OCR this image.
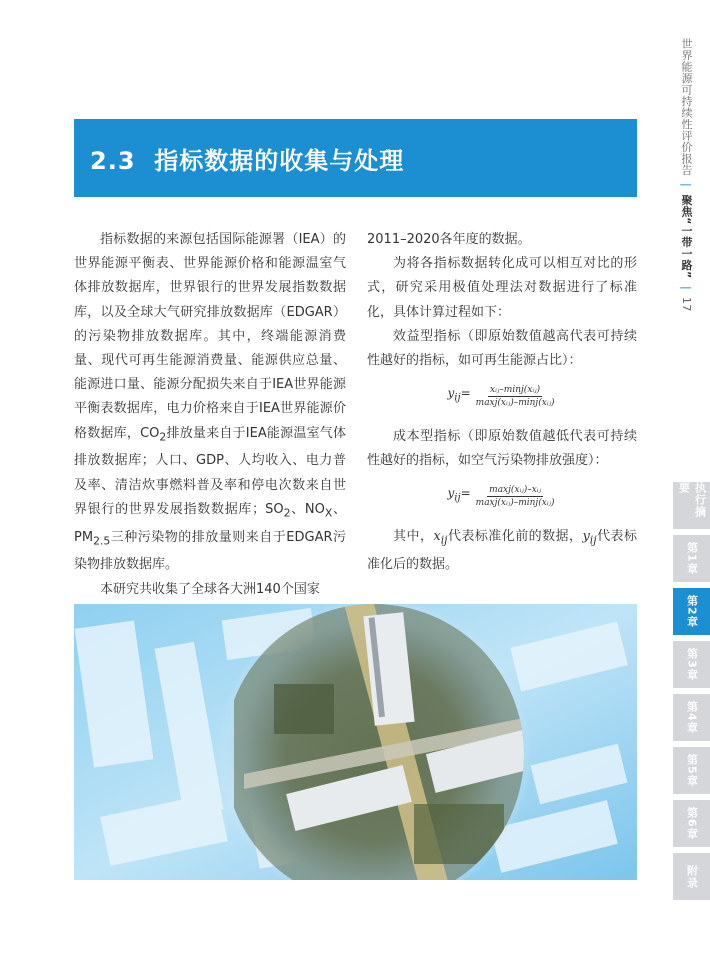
世界能源可持续性评价报告 | 聚焦“一带一路” | 17
2.3 指标数据的收集与处理

指标数据的来源包括国际能源署（IEA）的世界能源平衡表、世界能源价格和能源温室气体排放数据库，世界银行的世界发展指数数据库，以及全球大气研究排放数据库（EDGAR）的污染物排放数据库。其中，终端能源消费量、现代可再生能源消费量、能源供应总量、能源进口量、能源分配损失来自于IEA世界能源平衡表数据库，电力价格来自于IEA世界能源价格数据库，$CO_2$排放量来自于IEA能源温室气体排放数据库；人口、GDP、人均收入、电力普及率、清洁炊事燃料普及率和停电次数来自世界银行的世界发展指数数据库；$SO_2$、$NO_X$、$PM_{2.5}$三种污染物的排放量则来自于EDGAR污染物排放数据库。

本研究共收集了全球各大洲140个国家

2011–2020各年度的数据。

为将各指标数据转化成可以相互对比的形式，研究采用极值处理法对数据进行了标准化，具体计算过程如下：

效益型指标（即原始数值越高代表可持续性越好的指标，如可再生能源占比）：

$y_{ij}= \frac{\text{xᵢⱼ–minj(xᵢⱼ)}}{\text{maxj(xᵢⱼ)–minj(xᵢⱼ)}}$

成本型指标（即原始数值越低代表可持续性越好的指标，如空气污染物排放强度）：

$y_{ij}= \frac{\text{maxj(xᵢⱼ)–xᵢⱼ}}{\text{maxj(xᵢⱼ)–minj(xᵢⱼ)}}$

其中，$x_{ij}$代表标准化前的数据，$y_{ij}$代表标准化后的数据。

执行摘要
第1章
第2章
第3章
第4章
第5章
第6章
附录
